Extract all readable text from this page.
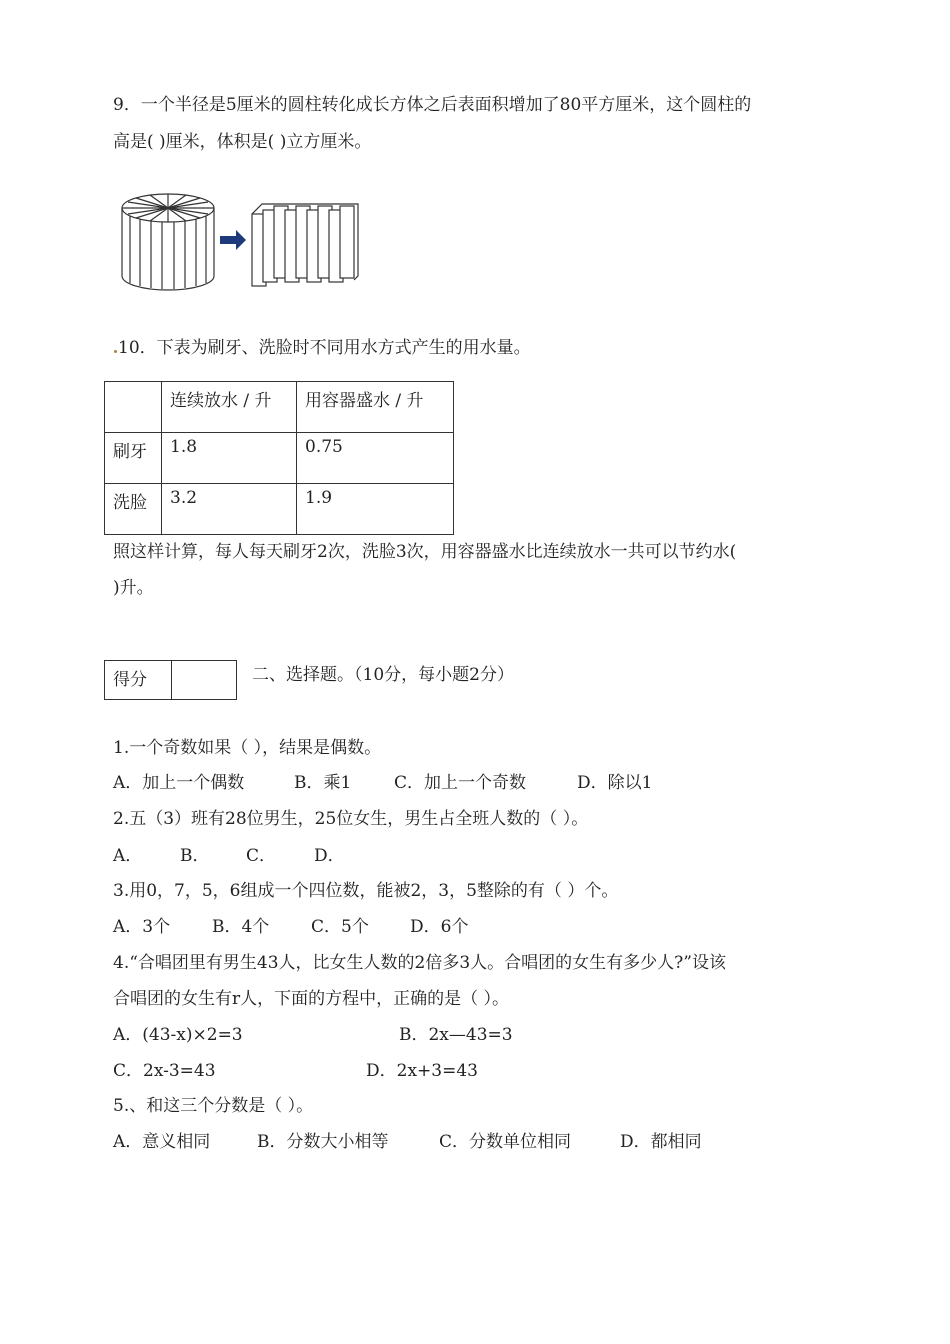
9．一个半径是5厘米的圆柱转化成长方体之后表面积增加了80平方厘米，这个圆柱的
高是( )厘米，体积是( )立方厘米。
10．下表为刷牙、洗脸时不同用水方式产生的用水量。
	连续放水 / 升	用容器盛水 / 升
刷牙	1.8	0.75
洗脸	3.2	1.9
照这样计算，每人每天刷牙2次，洗脸3次，用容器盛水比连续放水一共可以节约水(
)升。
得分	二、选择题。（10分，每小题2分）
1.一个奇数如果（ ），结果是偶数。
A．加上一个偶数	B．乘1	C．加上一个奇数	D．除以1
2.五（3）班有28位男生，25位女生，男生占全班人数的（ ）。
A． B． C． D．
3.用0，7，5，6组成一个四位数，能被2，3，5整除的有（ ）个。
A．3个 B．4个 C．5个 D．6个
4.“合唱团里有男生43人，比女生人数的2倍多3人。合唱团的女生有多少人?”设该
合唱团的女生有r人，下面的方程中，正确的是（ ）。
A．(43-x)×2=3	B．2x—43=3
C．2x-3=43	D．2x+3=43
5.、和这三个分数是（ ）。
A．意义相同	B．分数大小相等	C．分数单位相同	D．都相同
